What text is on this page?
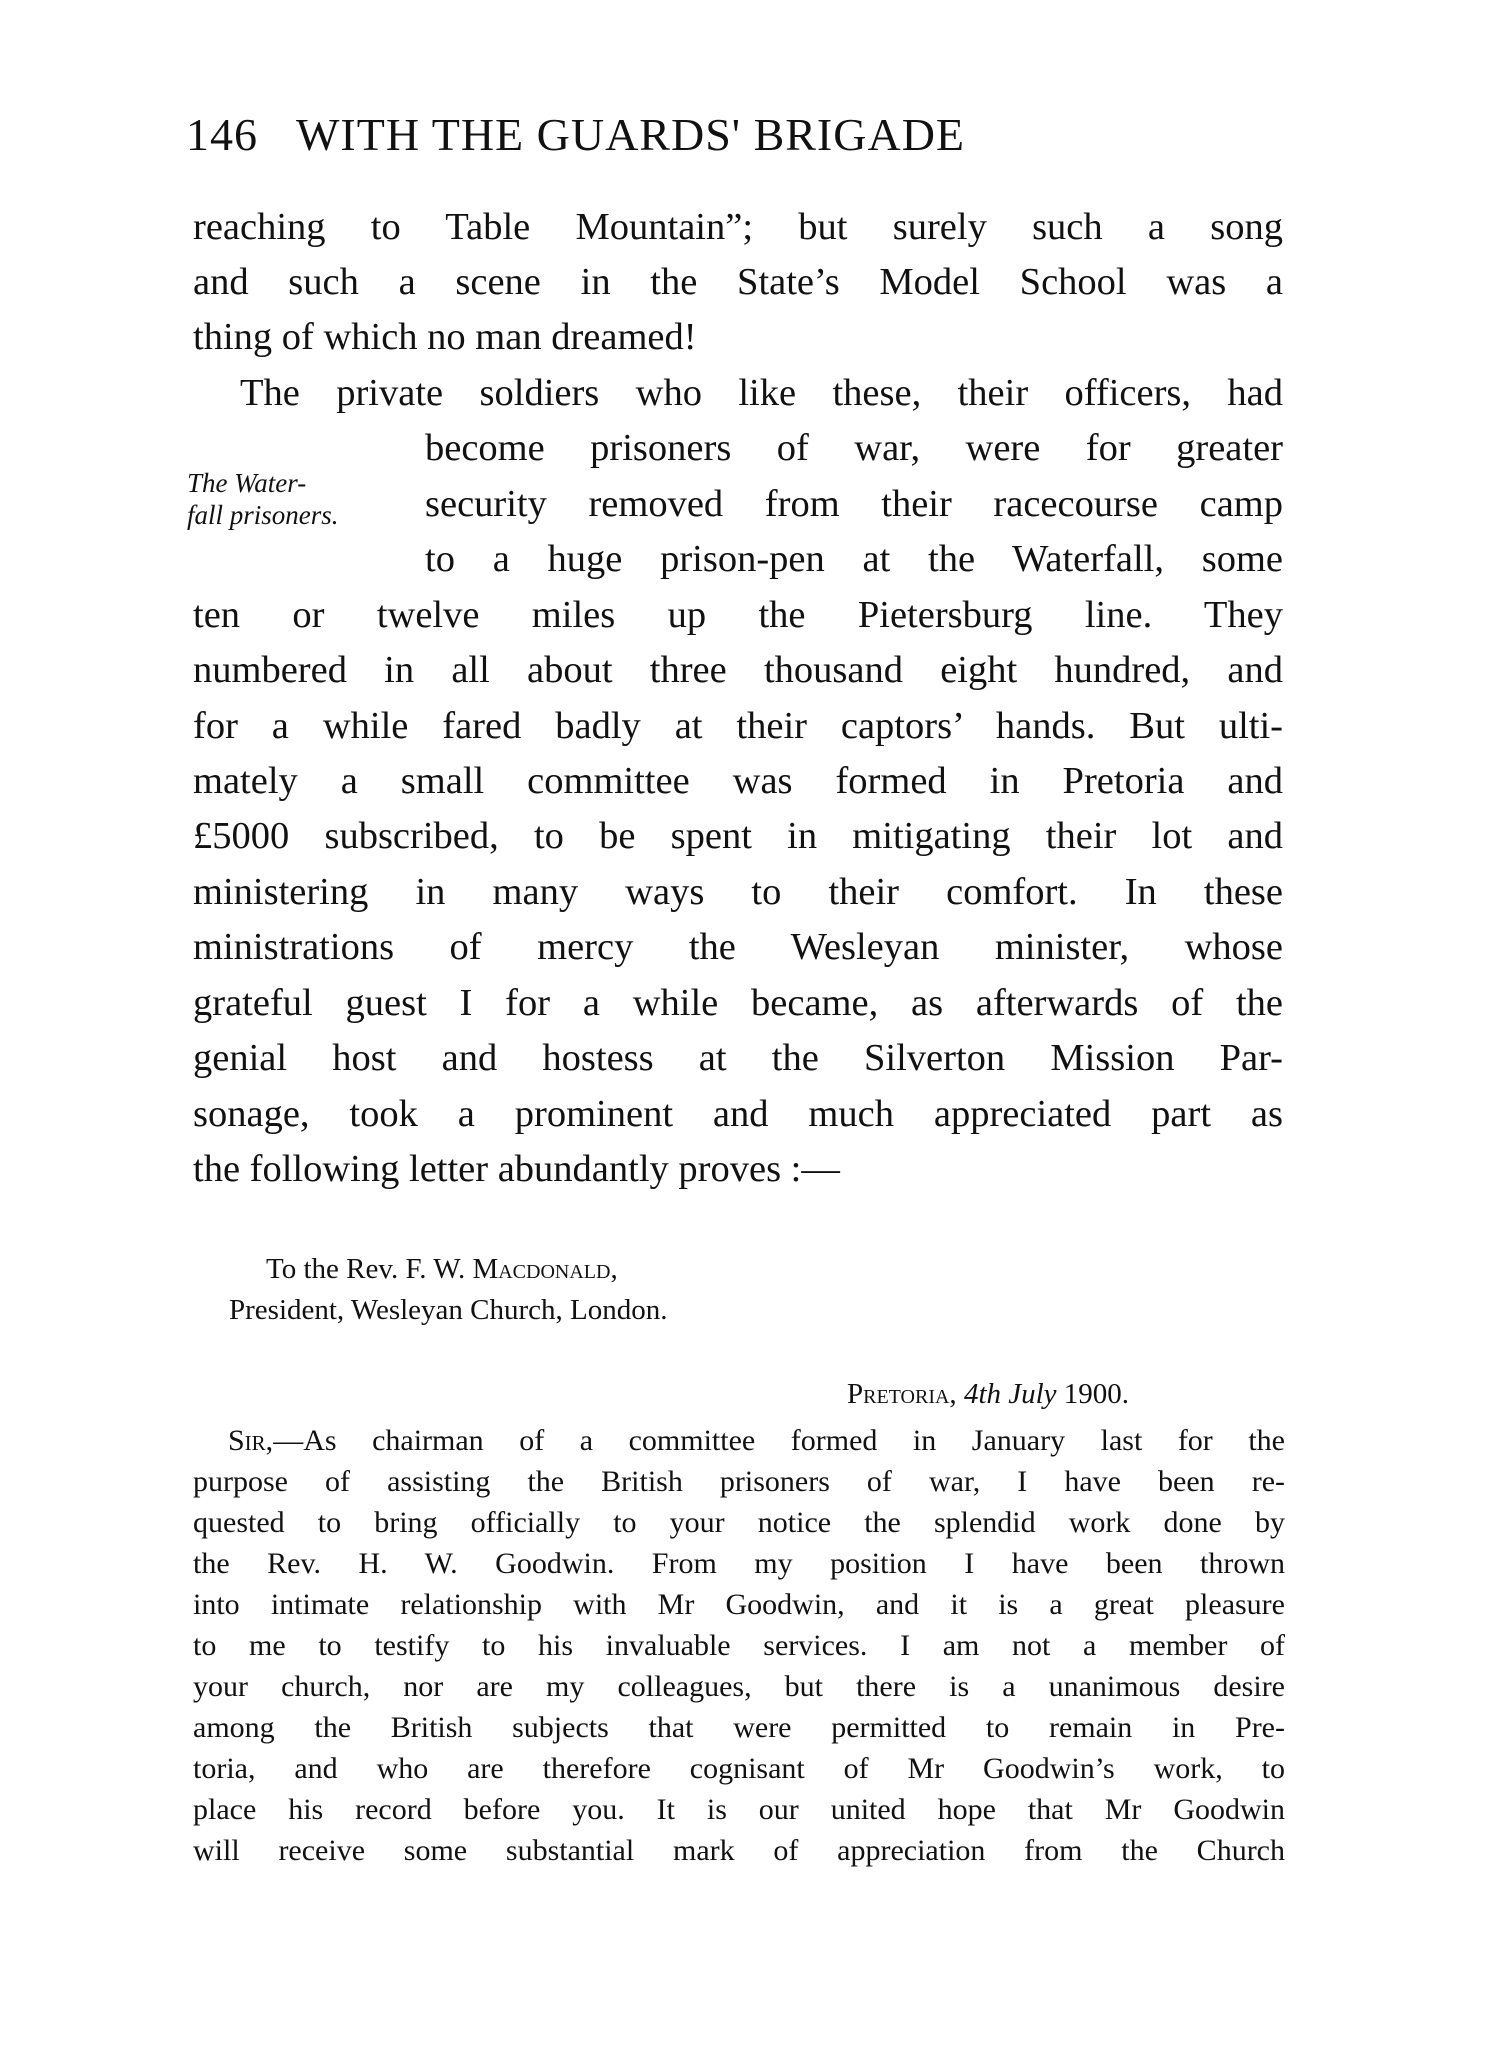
146 WITH THE GUARDS' BRIGADE
reaching to Table Mountain”; but surely such a song
and such a scene in the State’s Model School was a
thing of which no man dreamed!
The private soldiers who like these, their officers, had
become prisoners of war, were for greater
security removed from their racecourse camp
to a huge prison-pen at the Waterfall, some
ten or twelve miles up the Pietersburg line. They
numbered in all about three thousand eight hundred, and
for a while fared badly at their captors’ hands. But ulti-
mately a small committee was formed in Pretoria and
£5000 subscribed, to be spent in mitigating their lot and
ministering in many ways to their comfort. In these
ministrations of mercy the Wesleyan minister, whose
grateful guest I for a while became, as afterwards of the
genial host and hostess at the Silverton Mission Par-
sonage, took a prominent and much appreciated part as
the following letter abundantly proves :—
The Water-
fall prisoners.
To the Rev. F. W. Macdonald,
President, Wesleyan Church, London.
Pretoria, 4th July 1900.
Sir,—As chairman of a committee formed in January last for the
purpose of assisting the British prisoners of war, I have been re-
quested to bring officially to your notice the splendid work done by
the Rev. H. W. Goodwin. From my position I have been thrown
into intimate relationship with Mr Goodwin, and it is a great pleasure
to me to testify to his invaluable services. I am not a member of
your church, nor are my colleagues, but there is a unanimous desire
among the British subjects that were permitted to remain in Pre-
toria, and who are therefore cognisant of Mr Goodwin’s work, to
place his record before you. It is our united hope that Mr Goodwin
will receive some substantial mark of appreciation from the Church
